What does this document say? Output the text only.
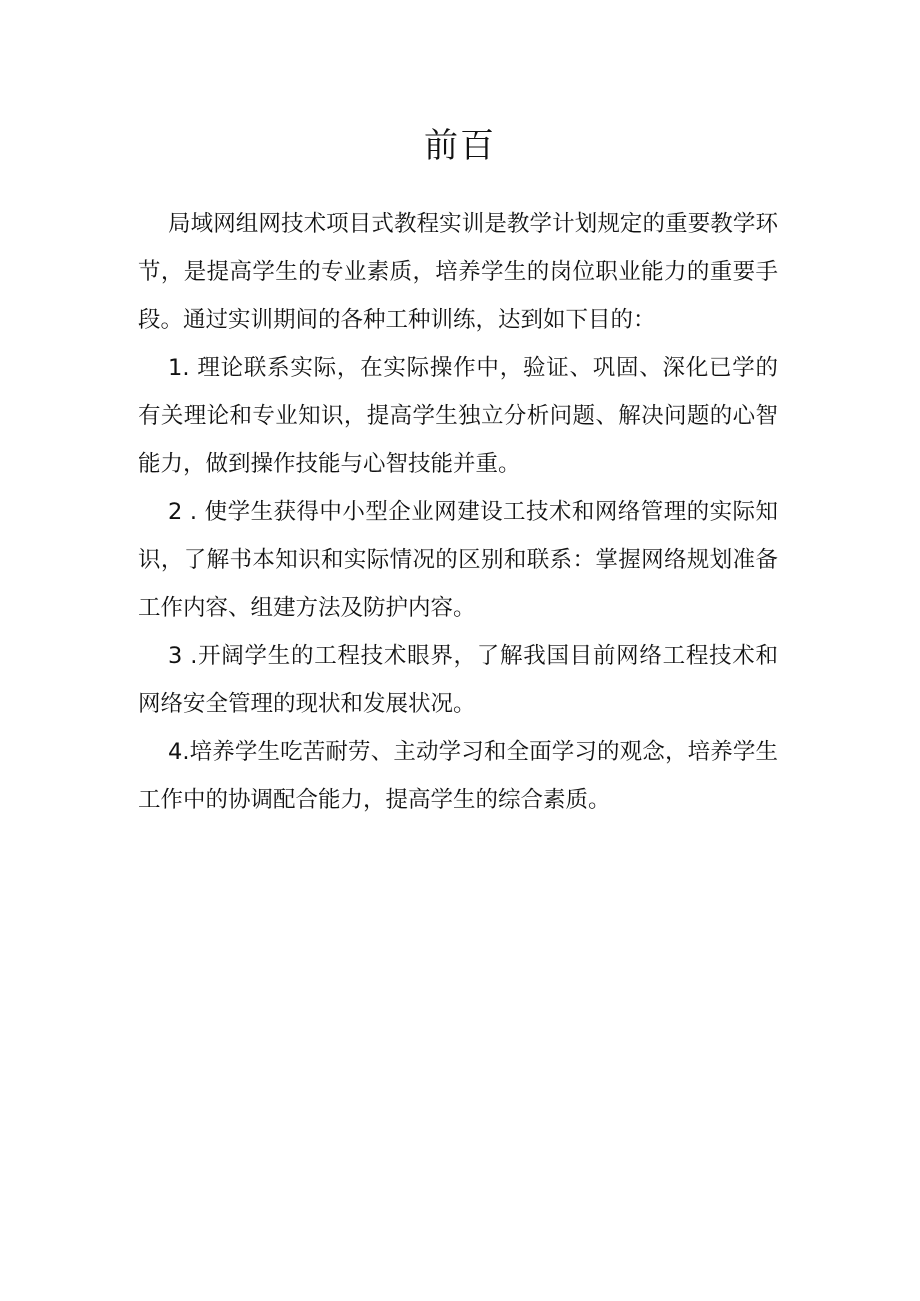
前百

局域网组网技术项目式教程实训是教学计划规定的重要教学环节，是提高学生的专业素质，培养学生的岗位职业能力的重要手段。通过实训期间的各种工种训练，达到如下目的：

1. 理论联系实际，在实际操作中，验证、巩固、深化已学的有关理论和专业知识，提高学生独立分析问题、解决问题的心智能力，做到操作技能与心智技能并重。

2 . 使学生获得中小型企业网建设工技术和网络管理的实际知识，了解书本知识和实际情况的区别和联系：掌握网络规划准备工作内容、组建方法及防护内容。

3 .开阔学生的工程技术眼界，了解我国目前网络工程技术和网络安全管理的现状和发展状况。

4.培养学生吃苦耐劳、主动学习和全面学习的观念，培养学生工作中的协调配合能力，提高学生的综合素质。
